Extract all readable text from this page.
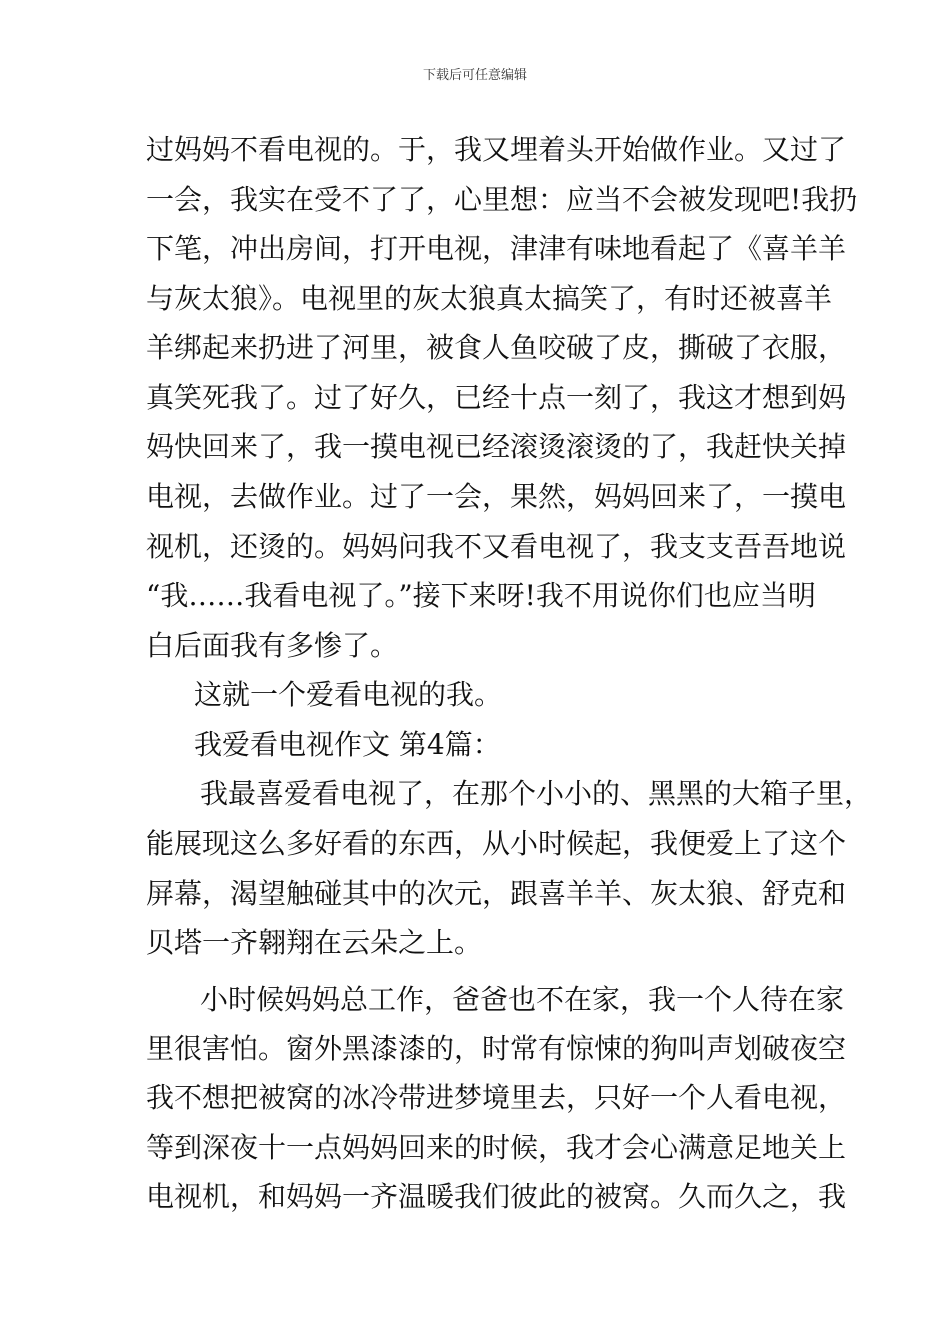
下载后可任意编辑
过妈妈不看电视的。于，我又埋着头开始做作业。又过了
一会，我实在受不了了，心里想：应当不会被发现吧!我扔
下笔，冲出房间，打开电视，津津有味地看起了《喜羊羊
与灰太狼》。电视里的灰太狼真太搞笑了，有时还被喜羊
羊绑起来扔进了河里，被食人鱼咬破了皮，撕破了衣服，
真笑死我了。过了好久，已经十点一刻了，我这才想到妈
妈快回来了，我一摸电视已经滚烫滚烫的了，我赶快关掉
电视，去做作业。过了一会，果然，妈妈回来了，一摸电
视机，还烫的。妈妈问我不又看电视了，我支支吾吾地说
“我……我看电视了。”接下来呀!我不用说你们也应当明
白后面我有多惨了。
这就一个爱看电视的我。
我爱看电视作文 第4篇：
我最喜爱看电视了，在那个小小的、黑黑的大箱子里，
能展现这么多好看的东西，从小时候起，我便爱上了这个
屏幕，渴望触碰其中的次元，跟喜羊羊、灰太狼、舒克和
贝塔一齐翱翔在云朵之上。
小时候妈妈总工作，爸爸也不在家，我一个人待在家
里很害怕。窗外黑漆漆的，时常有惊悚的狗叫声划破夜空
我不想把被窝的冰冷带进梦境里去，只好一个人看电视，
等到深夜十一点妈妈回来的时候，我才会心满意足地关上
电视机，和妈妈一齐温暖我们彼此的被窝。久而久之，我
